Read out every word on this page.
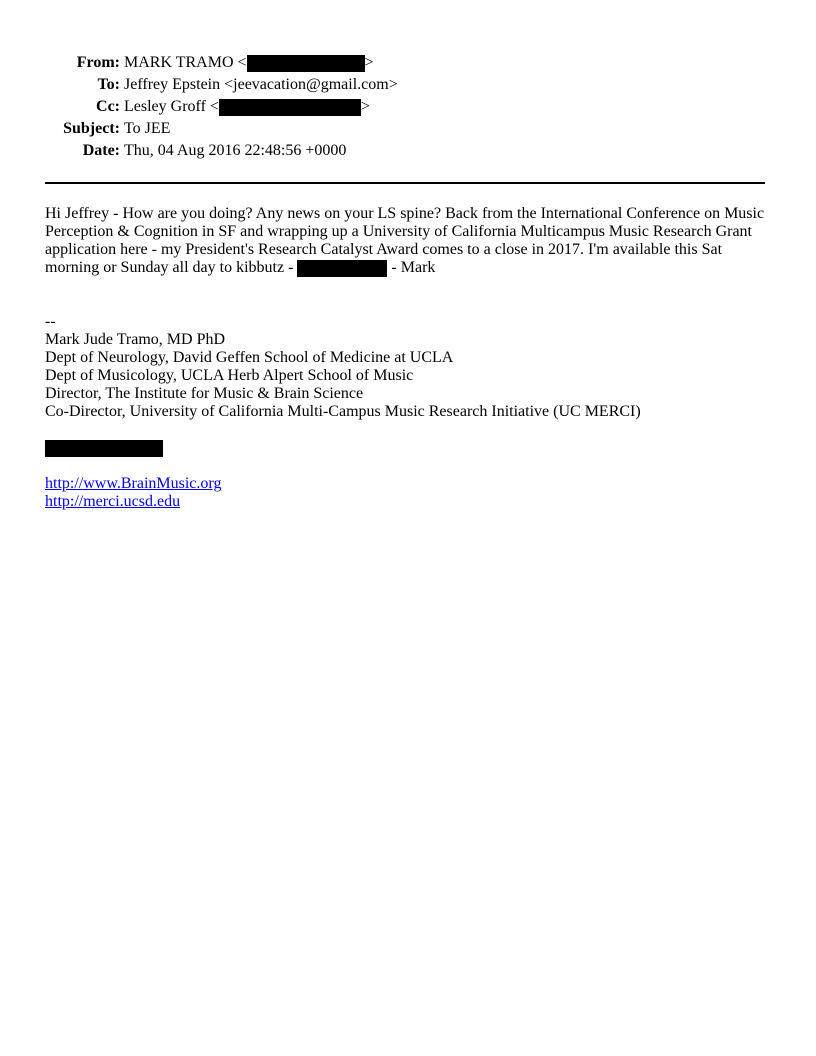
From: MARK TRAMO <	>
To: Jeffrey Epstein <jeevacation@gmail.com>
Cc: Lesley Groff <	>
Subject: To JEE
Date: Thu, 04 Aug 2016 22:48:56 +0000
Hi Jeffrey - How are you doing? Any news on your LS spine? Back from the International Conference on Music Perception & Cognition in SF and wrapping up a University of California Multicampus Music Research Grant application here - my President's Research Catalyst Award comes to a close in 2017. I'm available this Sat morning or Sunday all day to kibbutz -	- Mark
--
Mark Jude Tramo, MD PhD
Dept of Neurology, David Geffen School of Medicine at UCLA
Dept of Musicology, UCLA Herb Alpert School of Music
Director, The Institute for Music & Brain Science
Co-Director, University of California Multi-Campus Music Research Initiative (UC MERCI)
http://www.BrainMusic.org
http://merci.ucsd.edu
